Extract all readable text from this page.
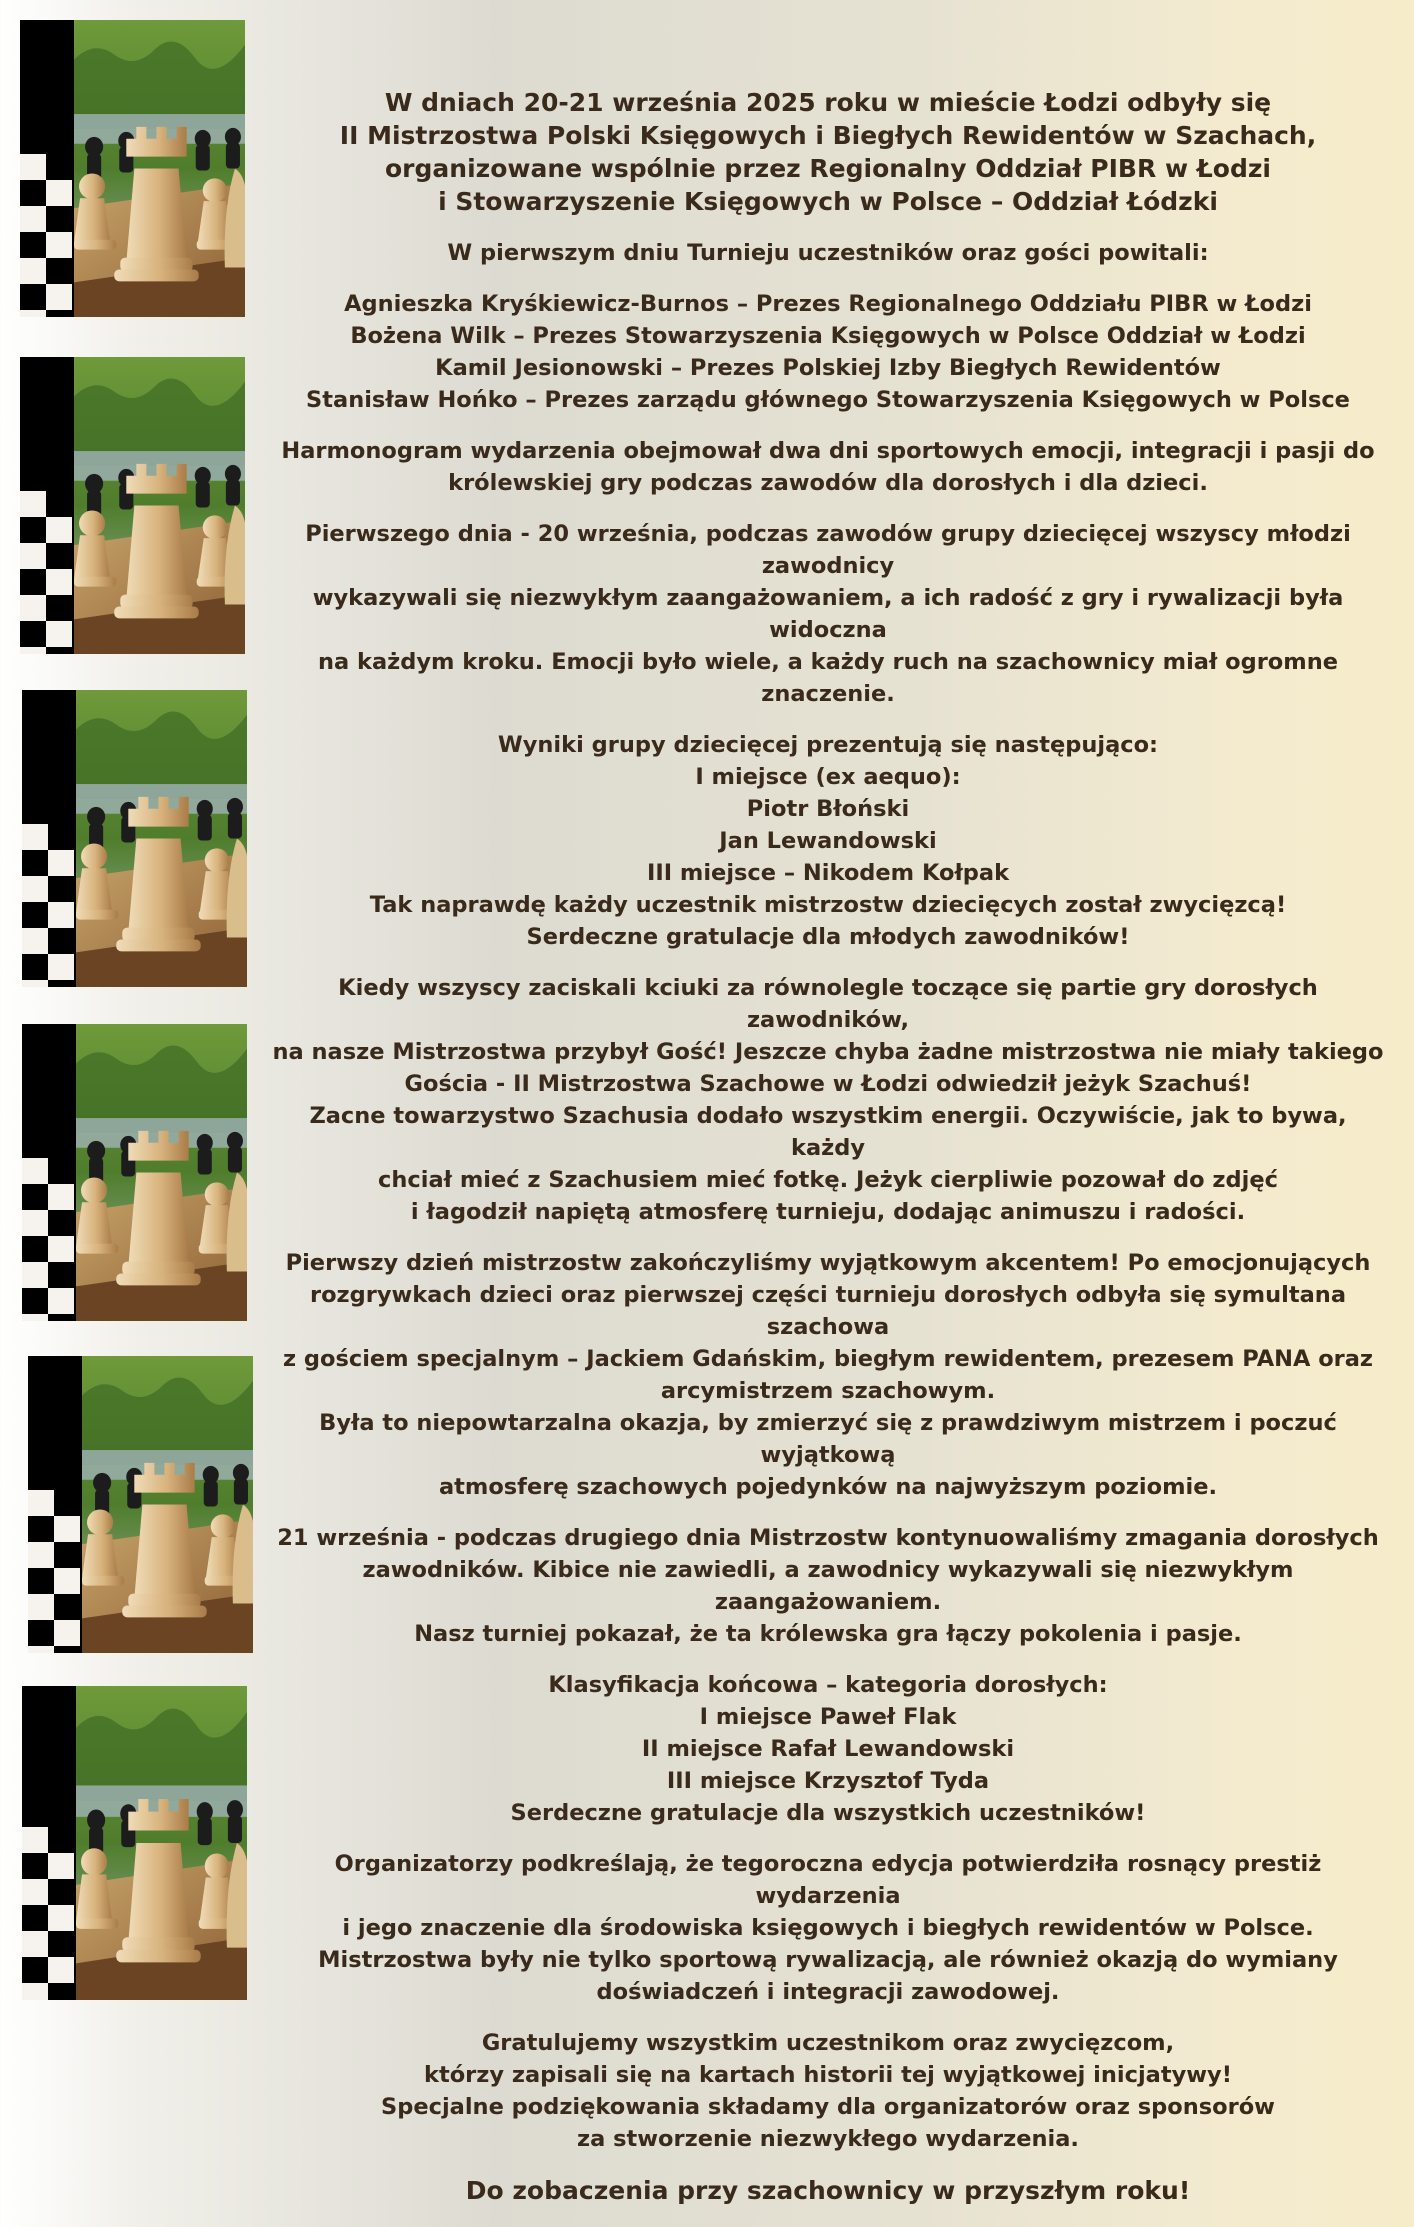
W dniach 20-21 września 2025 roku w mieście Łodzi odbyły się

II Mistrzostwa Polski Księgowych i Biegłych Rewidentów w Szachach,

organizowane wspólnie przez Regionalny Oddział PIBR w Łodzi

i Stowarzyszenie Księgowych w Polsce – Oddział Łódzki

W pierwszym dniu Turnieju uczestników oraz gości powitali:

Agnieszka Kryśkiewicz-Burnos – Prezes Regionalnego Oddziału PIBR w Łodzi

Bożena Wilk – Prezes Stowarzyszenia Księgowych w Polsce Oddział w Łodzi

Kamil Jesionowski – Prezes Polskiej Izby Biegłych Rewidentów

Stanisław Hońko – Prezes zarządu głównego Stowarzyszenia Księgowych w Polsce

Harmonogram wydarzenia obejmował dwa dni sportowych emocji, integracji i pasji do

królewskiej gry podczas zawodów dla dorosłych i dla dzieci.

Pierwszego dnia - 20 września, podczas zawodów grupy dziecięcej wszyscy młodzi zawodnicy

wykazywali się niezwykłym zaangażowaniem, a ich radość z gry i rywalizacji była widoczna

na każdym kroku. Emocji było wiele, a każdy ruch na szachownicy miał ogromne znaczenie.

Wyniki grupy dziecięcej prezentują się następująco:

I miejsce (ex aequo):

Piotr Błoński

Jan Lewandowski

III miejsce – Nikodem Kołpak

Tak naprawdę każdy uczestnik mistrzostw dziecięcych został zwycięzcą!

Serdeczne gratulacje dla młodych zawodników!

Kiedy wszyscy zaciskali kciuki za równolegle toczące się partie gry dorosłych zawodników,

na nasze Mistrzostwa przybył Gość! Jeszcze chyba żadne mistrzostwa nie miały takiego

Gościa - II Mistrzostwa Szachowe w Łodzi odwiedził jeżyk Szachuś!

Zacne towarzystwo Szachusia dodało wszystkim energii. Oczywiście, jak to bywa, każdy

chciał mieć z Szachusiem mieć fotkę. Jeżyk cierpliwie pozował do zdjęć

i łagodził napiętą atmosferę turnieju, dodając animuszu i radości.

Pierwszy dzień mistrzostw zakończyliśmy wyjątkowym akcentem! Po emocjonujących

rozgrywkach dzieci oraz pierwszej części turnieju dorosłych odbyła się symultana szachowa

z gościem specjalnym – Jackiem Gdańskim, biegłym rewidentem, prezesem PANA oraz

arcymistrzem szachowym.

Była to niepowtarzalna okazja, by zmierzyć się z prawdziwym mistrzem i poczuć wyjątkową

atmosferę szachowych pojedynków na najwyższym poziomie.

21 września - podczas drugiego dnia Mistrzostw kontynuowaliśmy zmagania dorosłych

zawodników. Kibice nie zawiedli, a zawodnicy wykazywali się niezwykłym zaangażowaniem.

Nasz turniej pokazał, że ta królewska gra łączy pokolenia i pasje.

Klasyfikacja końcowa – kategoria dorosłych:

I miejsce Paweł Flak

II miejsce Rafał Lewandowski

III miejsce Krzysztof Tyda

Serdeczne gratulacje dla wszystkich uczestników!

Organizatorzy podkreślają, że tegoroczna edycja potwierdziła rosnący prestiż wydarzenia

i jego znaczenie dla środowiska księgowych i biegłych rewidentów w Polsce.

Mistrzostwa były nie tylko sportową rywalizacją, ale również okazją do wymiany

doświadczeń i integracji zawodowej.

Gratulujemy wszystkim uczestnikom oraz zwycięzcom,

którzy zapisali się na kartach historii tej wyjątkowej inicjatywy!

Specjalne podziękowania składamy dla organizatorów oraz sponsorów

za stworzenie niezwykłego wydarzenia.

Do zobaczenia przy szachownicy w przyszłym roku!
